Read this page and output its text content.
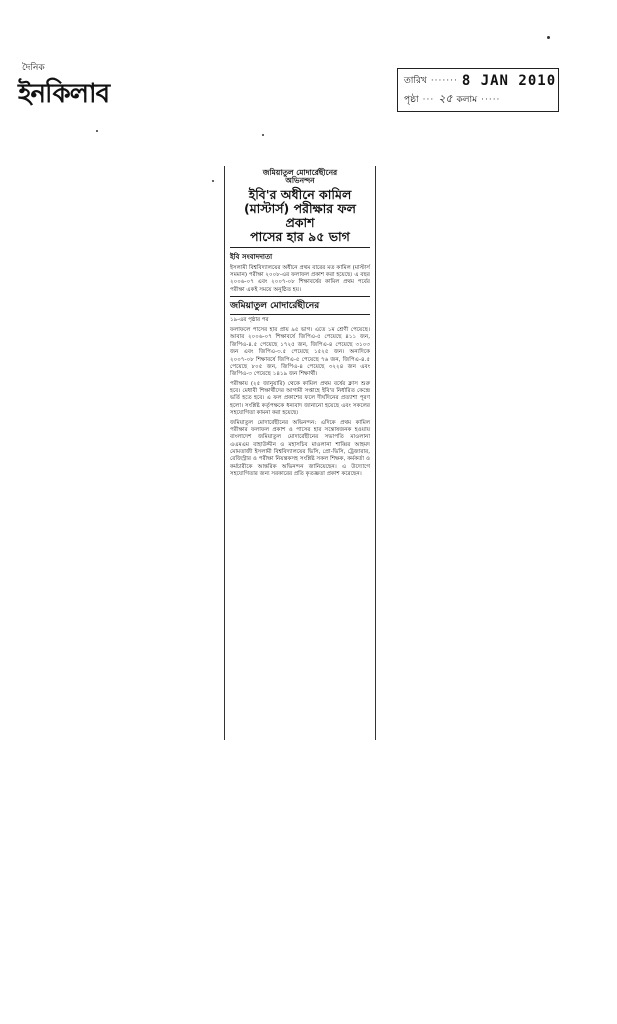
দৈনিক
ইনকিলাব	তারিখ ······· 8 JAN 2010
পৃষ্ঠা ··· ২৫ কলাম ·····
জমিয়াতুল মোদার্রেছীনের
অভিনন্দন
ইবি'র অধীনে কামিল
(মাস্টার্স) পরীক্ষার ফল প্রকাশ
পাসের হার ৯৫ ভাগ
ইবি সংবাদদাতা
ইসলামী বিশ্ববিদ্যালয়ের অধীনে প্রথম বারের মত কামিল (মাস্টার্স সমমান) পরীক্ষা ২০০৮-এর ফলাফল প্রকাশ করা হয়েছে। এ বছর ২০০৬-০৭ এবং ২০০৭-০৮ শিক্ষাবর্ষের কামিল প্রথম পর্বের পরীক্ষা একই সময়ে অনুষ্ঠিত হয়।
জমিয়াতুল মোদার্রেছীনের
১৯-এর পৃষ্ঠার পর
ফলাফলে পাসের হার প্রায় ৯৫ ভাগ। এতে ১ম শ্রেণী পেয়েছে। আবার ২০০৬-০৭ শিক্ষাবর্ষে জিপিএ-৫ পেয়েছে ৪১১ জন, জিপিএ-৪.৫ পেয়েছে ১৭২৫ জন, জিপিএ-৪ পেয়েছে ৩১০৩ জন এবং জিপিএ-৩.৫ পেয়েছে ১৫২৫ জন। অন্যদিকে ২০০৭-০৮ শিক্ষাবর্ষে জিপিএ-৫ পেয়েছে ৭৬ জন, জিপিএ-৪.৫ পেয়েছে ৮০৫ জন, জিপিএ-৪ পেয়েছে ৩২২৪ জন এবং জিপিএ-৩ পেয়েছে ১৪১৯ জন শিক্ষার্থী।
পরীক্ষায় (২৫ জানুয়ারি) থেকে কামিল প্রথম বর্ষের ক্লাস শুরু হবে। মেধাবী শিক্ষার্থীদের আগামী সপ্তাহে ইবি'র নির্ধারিত কেন্দ্রে ভর্তি হতে হবে। এ ফল প্রকাশের ফলে দীর্ঘদিনের প্রত্যাশা পূরণ হলো। সংশ্লিষ্ট কর্তৃপক্ষকে ধন্যবাদ জানানো হয়েছে এবং সকলের সহযোগিতা কামনা করা হয়েছে।
জমিয়াতুল মোদার্রেছীনের অভিনন্দন: এদিকে প্রথম কামিল পরীক্ষার ফলাফল প্রকাশ ও পাসের হার সন্তোষজনক হওয়ায় বাংলাদেশ জমিয়াতুল মোদার্রেছীনের সভাপতি মাওলানা এএমএম বাহাউদ্দীন ও মহাসচিব মাওলানা শাব্বির আহমদ মোমতাজী ইসলামী বিশ্ববিদ্যালয়ের ভিসি, প্রো-ভিসি, ট্রেজারার, রেজিস্ট্রার ও পরীক্ষা নিয়ন্ত্রকসহ সংশ্লিষ্ট সকল শিক্ষক, কর্মকর্তা ও কর্মচারীকে আন্তরিক অভিনন্দন জানিয়েছেন। এ উদ্যোগে সহযোগিতার জন্য সরকারের প্রতি কৃতজ্ঞতা প্রকাশ করেছেন।
